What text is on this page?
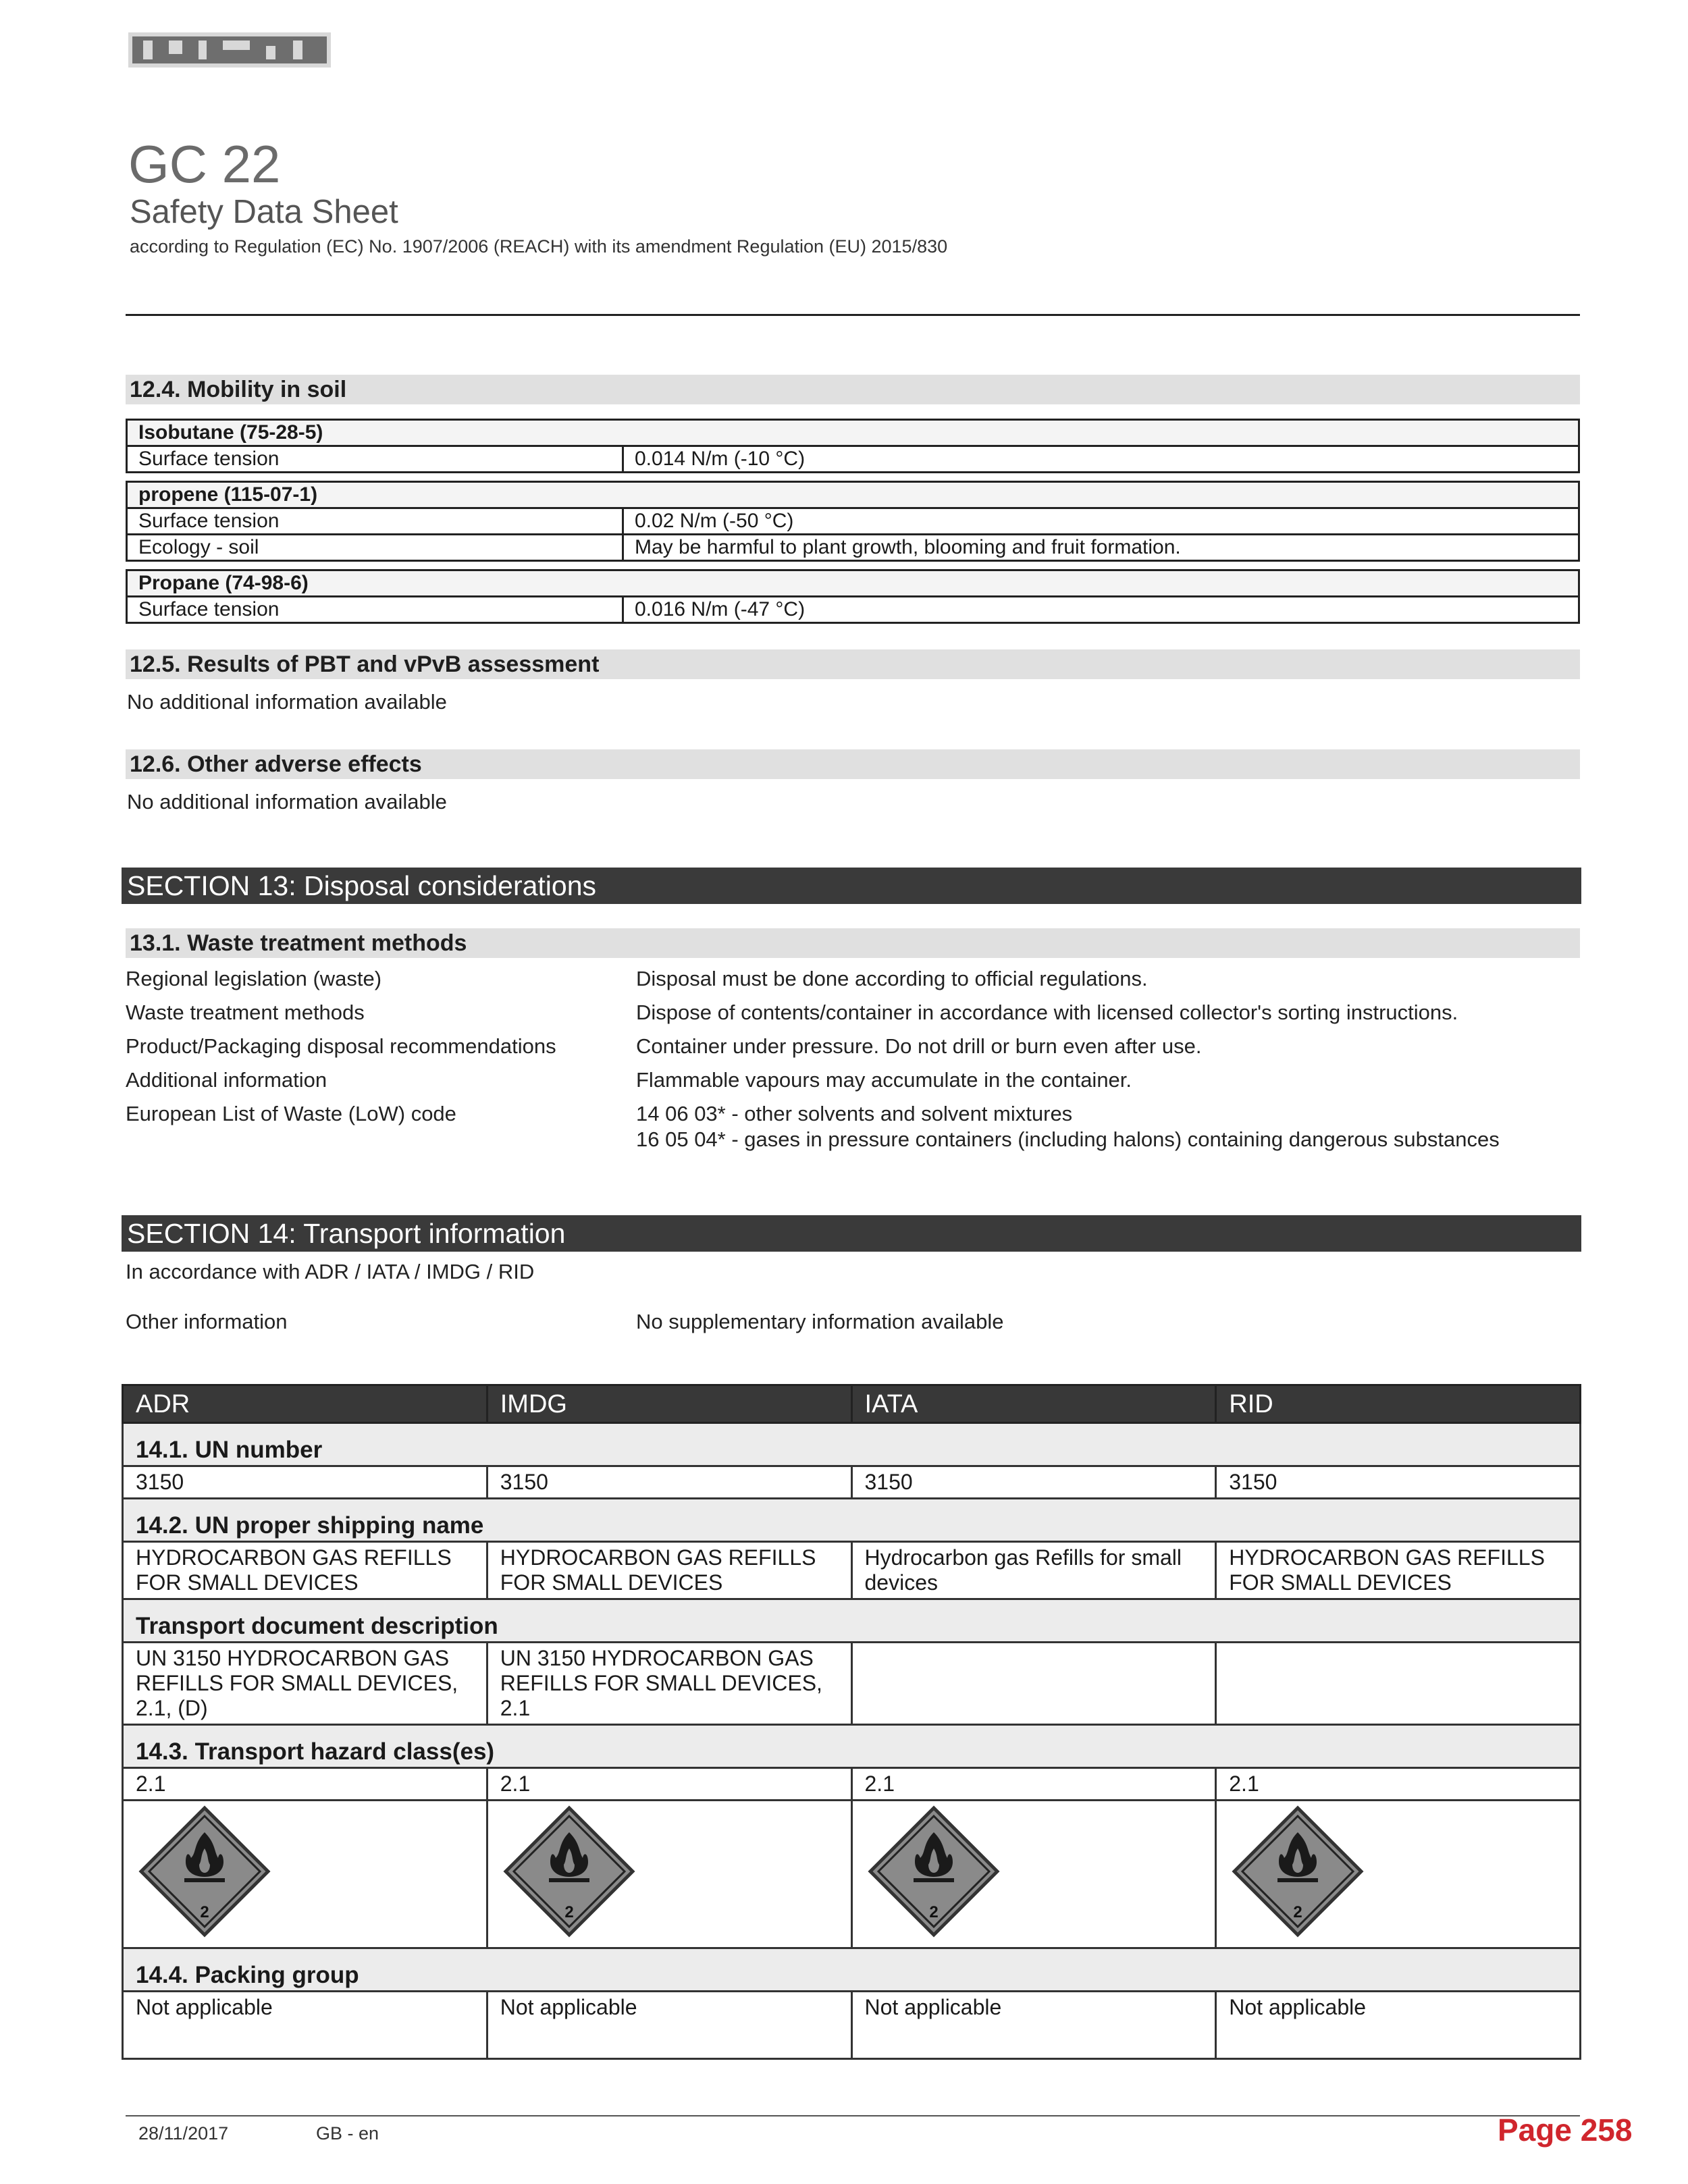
GC 22
Safety Data Sheet
according to Regulation (EC) No. 1907/2006 (REACH) with its amendment Regulation (EU) 2015/830
12.4. Mobility in soil
Isobutane (75-28-5)
Surface tension	0.014 N/m (-10 °C)
propene (115-07-1)	
Surface tension	0.02 N/m (-50 °C)
Ecology - soil	May be harmful to plant growth, blooming and fruit formation.
Propane (74-98-6)
Surface tension	0.016 N/m (-47 °C)
12.5. Results of PBT and vPvB assessment
No additional information available
12.6. Other adverse effects
No additional information available
SECTION 13: Disposal considerations
13.1. Waste treatment methods
Regional legislation (waste)	Disposal must be done according to official regulations.
Waste treatment methods	Dispose of contents/container in accordance with licensed collector's sorting instructions.
Product/Packaging disposal recommendations	Container under pressure. Do not drill or burn even after use.
Additional information	Flammable vapours may accumulate in the container.
European List of Waste (LoW) code	14 06 03* - other solvents and solvent mixtures
16 05 04* - gases in pressure containers (including halons) containing dangerous substances
SECTION 14: Transport information
In accordance with ADR / IATA / IMDG / RID
Other information	No supplementary information available
ADR	IMDG	IATA	RID
14.1. UN number			
3150	3150	3150	3150
14.2. UN proper shipping name			
HYDROCARBON GAS REFILLS FOR SMALL DEVICES	HYDROCARBON GAS REFILLS FOR SMALL DEVICES	Hydrocarbon gas Refills for small devices	HYDROCARBON GAS REFILLS FOR SMALL DEVICES
Transport document description			
UN 3150 HYDROCARBON GAS REFILLS FOR SMALL DEVICES, 2.1, (D)	UN 3150 HYDROCARBON GAS REFILLS FOR SMALL DEVICES, 2.1		
14.3. Transport hazard class(es)			
2.1	2.1	2.1	2.1

2	2	2	2

14.4. Packing group			
Not applicable	Not applicable	Not applicable	Not applicable
28/11/2017	GB - en	Page 258
